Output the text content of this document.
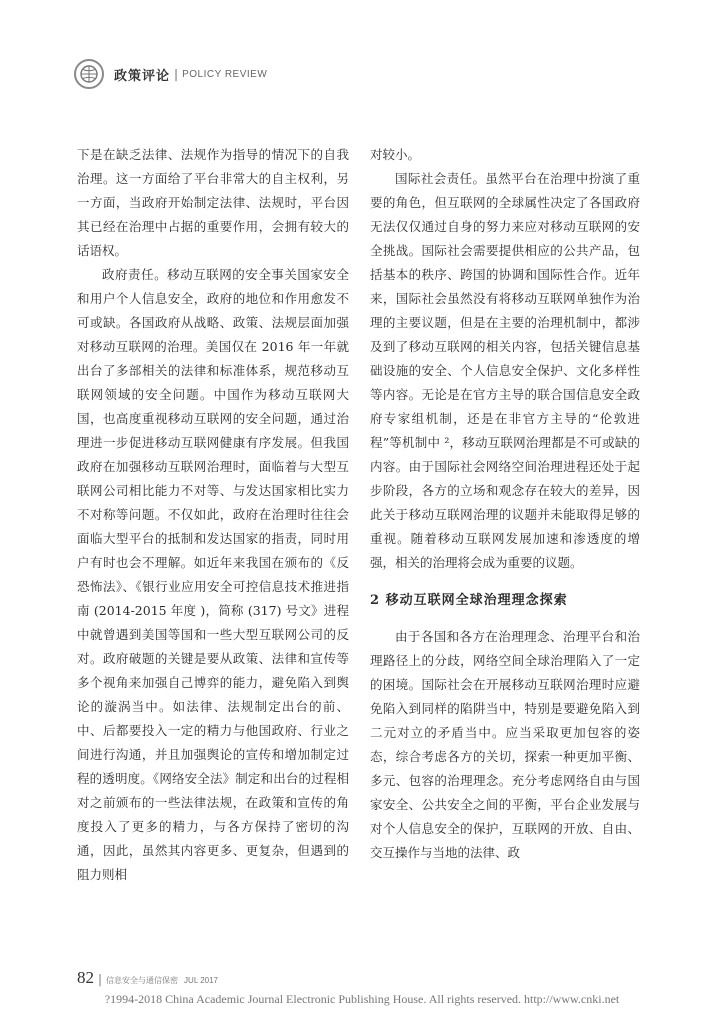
政策评论 | POLICY REVIEW

下是在缺乏法律、法规作为指导的情况下的自我治理。这一方面给了平台非常大的自主权利，另一方面，当政府开始制定法律、法规时，平台因其已经在治理中占据的重要作用，会拥有较大的话语权。

政府责任。移动互联网的安全事关国家安全和用户个人信息安全，政府的地位和作用愈发不可或缺。各国政府从战略、政策、法规层面加强对移动互联网的治理。美国仅在 2016 年一年就出台了多部相关的法律和标准体系，规范移动互联网领域的安全问题。中国作为移动互联网大国，也高度重视移动互联网的安全问题，通过治理进一步促进移动互联网健康有序发展。但我国政府在加强移动互联网治理时，面临着与大型互联网公司相比能力不对等、与发达国家相比实力不对称等问题。不仅如此，政府在治理时往往会面临大型平台的抵制和发达国家的指责，同时用户有时也会不理解。如近年来我国在颁布的《反恐怖法》、《银行业应用安全可控信息技术推进指南 (2014-2015 年度 )，简称 (317) 号文》进程中就曾遇到美国等国和一些大型互联网公司的反对。政府破题的关键是要从政策、法律和宣传等多个视角来加强自己博弈的能力，避免陷入到舆论的漩涡当中。如法律、法规制定出台的前、中、后都要投入一定的精力与他国政府、行业之间进行沟通，并且加强舆论的宣传和增加制定过程的透明度。《网络安全法》制定和出台的过程相对之前颁布的一些法律法规，在政策和宣传的角度投入了更多的精力，与各方保持了密切的沟通，因此，虽然其内容更多、更复杂，但遇到的阻力则相

对较小。

国际社会责任。虽然平台在治理中扮演了重要的角色，但互联网的全球属性决定了各国政府无法仅仅通过自身的努力来应对移动互联网的安全挑战。国际社会需要提供相应的公共产品，包括基本的秩序、跨国的协调和国际性合作。近年来，国际社会虽然没有将移动互联网单独作为治理的主要议题，但是在主要的治理机制中，都涉及到了移动互联网的相关内容，包括关键信息基础设施的安全、个人信息安全保护、文化多样性等内容。无论是在官方主导的联合国信息安全政府专家组机制，还是在非官方主导的“伦敦进程”等机制中 ²，移动互联网治理都是不可或缺的内容。由于国际社会网络空间治理进程还处于起步阶段，各方的立场和观念存在较大的差异，因此关于移动互联网治理的议题并未能取得足够的重视。随着移动互联网发展加速和渗透度的增强，相关的治理将会成为重要的议题。

2 移动互联网全球治理理念探索

由于各国和各方在治理理念、治理平台和治理路径上的分歧，网络空间全球治理陷入了一定的困境。国际社会在开展移动互联网治理时应避免陷入到同样的陷阱当中，特别是要避免陷入到二元对立的矛盾当中。应当采取更加包容的姿态，综合考虑各方的关切，探索一种更加平衡、多元、包容的治理理念。充分考虑网络自由与国家安全、公共安全之间的平衡，平台企业发展与对个人信息安全的保护，互联网的开放、自由、交互操作与当地的法律、政

82 | 信息安全与通信保密 JUL 2017
?1994-2018 China Academic Journal Electronic Publishing House. All rights reserved. http://www.cnki.net
